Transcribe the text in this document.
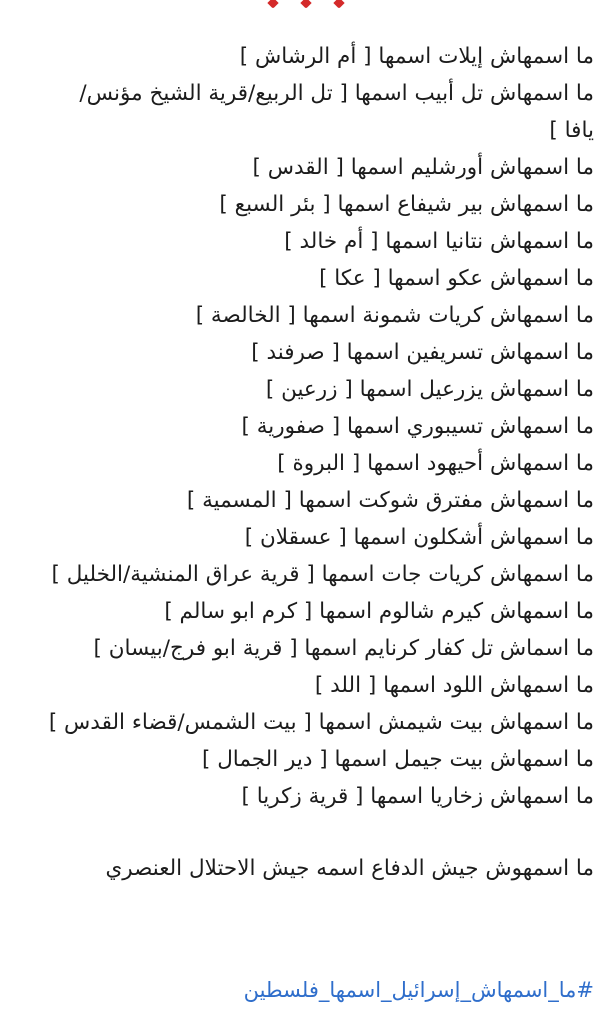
ما اسمهاش إيلات اسمها [ أم الرشاش ]
ما اسمهاش تل أبيب اسمها [ تل الربيع/قرية الشيخ مؤنس/
يافا ]
ما اسمهاش أورشليم اسمها [ القدس ]
ما اسمهاش بير شيفاع اسمها [ بئر السبع ]
ما اسمهاش نتانيا اسمها [ أم خالد ]
ما اسمهاش عكو اسمها [ عكا ]
ما اسمهاش كريات شمونة اسمها [ الخالصة ]
ما اسمهاش تسريفين اسمها [ صرفند ]
ما اسمهاش يزرعيل اسمها [ زرعين ]
ما اسمهاش تسيبوري اسمها [ صفورية ]
ما اسمهاش أحيهود اسمها [ البروة ]
ما اسمهاش مفترق شوكت اسمها [ المسمية ]
ما اسمهاش أشكلون اسمها [ عسقلان ]
ما اسمهاش كريات جات اسمها [ قرية عراق المنشية/الخليل ]
ما اسمهاش كيرم شالوم اسمها [ كرم ابو سالم ]
ما اسماش تل كفار كرنايم اسمها [ قرية ابو فرج/بيسان ]
ما اسمهاش اللود اسمها [ اللد ]
ما اسمهاش بيت شيمش اسمها [ بيت الشمس/قضاء القدس ]
ما اسمهاش بيت جيمل اسمها [ دير الجمال ]
ما اسمهاش زخاريا اسمها [ قرية زكريا ]
ما اسمهوش جيش الدفاع اسمه جيش الاحتلال العنصري
#ما_اسمهاش_إسرائيل_اسمها_فلسطين
